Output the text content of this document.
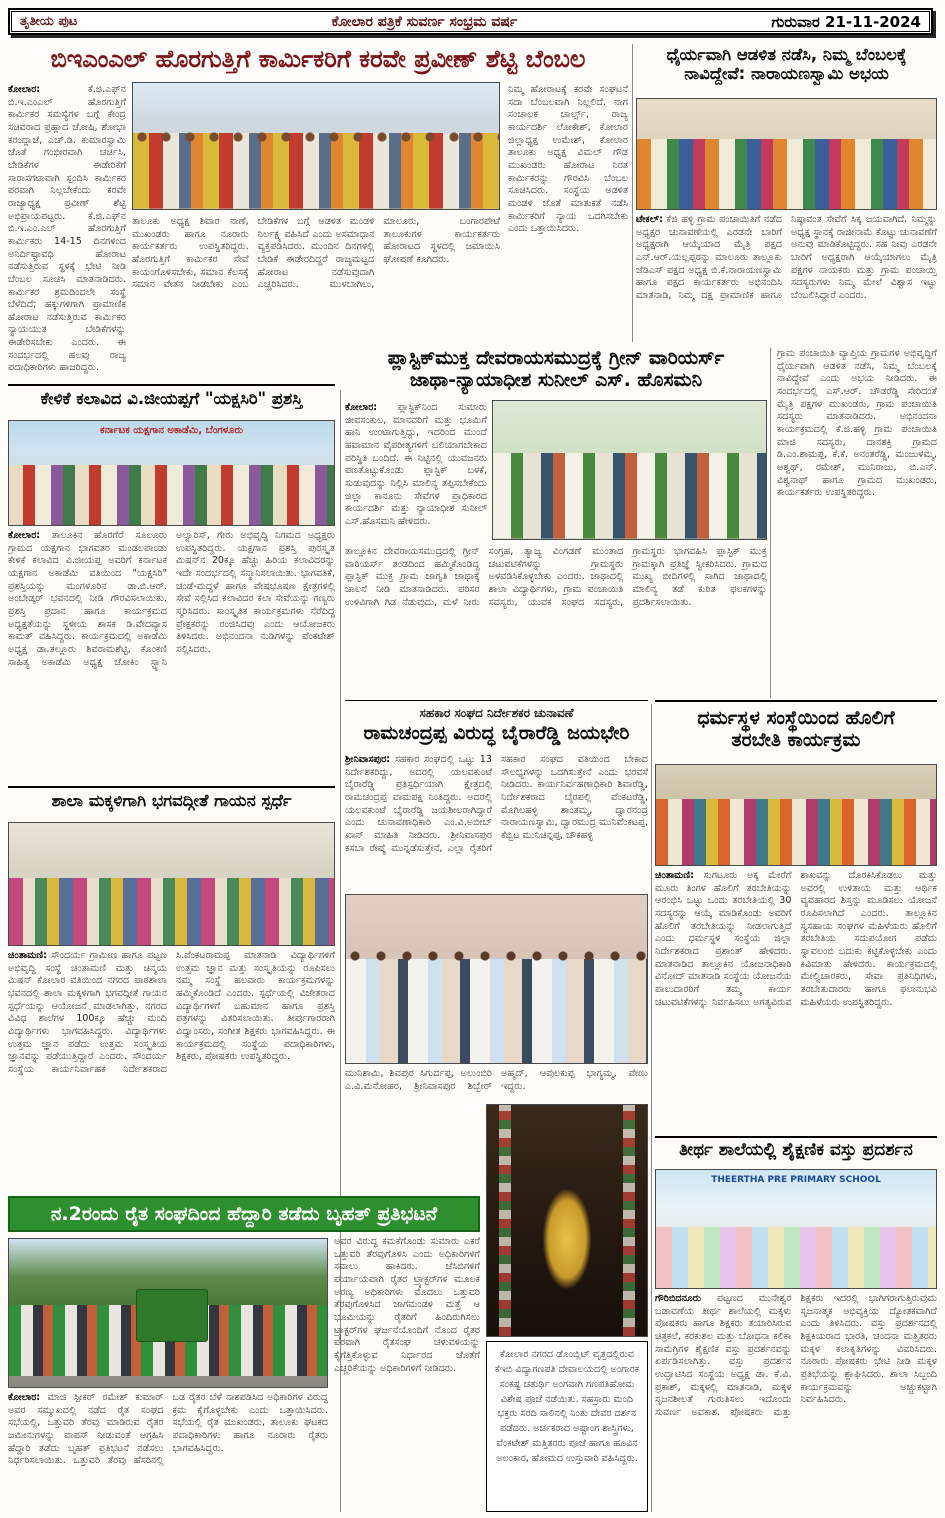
ತೃತೀಯ ಪುಟ	ಕೋಲಾರ ಪತ್ರಿಕೆ ಸುವರ್ಣ ಸಂಭ್ರಮ ವರ್ಷ	ಗುರುವಾರ 21-11-2024
ಬಿಇಎಂಎಲ್ ಹೊರಗುತ್ತಿಗೆ ಕಾರ್ಮಿಕರಿಗೆ ಕರವೇ ಪ್ರವೀಣ್ ಶೆಟ್ಟಿ ಬೆಂಬಲ
ಕೋಲಾರ:	ಕೆ.ಜಿ.ಎಫ್‌ನ ಬಿ.ಇ.ಎಂಎಲ್ ಹೊರಗುತ್ತಿಗೆ ಕಾರ್ಮಿಕರ ಸಮಸ್ಯೆಗಳ ಬಗ್ಗೆ ಕೇಂದ್ರ ಸಚಿವರಾದ ಪ್ರಹ್ಲಾದ ಜೋಷಿ, ಶೋಭಾ ಕರಂದ್ಲಾಜೆ, ಎಚ್.ಡಿ. ಕುಮಾರಸ್ವಾಮಿ ಜೊತೆ ಗಂಭೀರವಾಗಿ ಚರ್ಚಿಸಿ, ಬೇಡಿಕೆಗಳ ಈಡೇರಿಕೆಗೆ ಸಾರಾಸಗಟಾವಾಗಿ ಸ್ಪಂದಿಸಿ ಕಾರ್ಮಿಕರ ಪರವಾಗಿ ನಿಲ್ಲಬೇಕೆಂದು ಕರವೇ ರಾಜ್ಯಾಧ್ಯಕ್ಷ ಪ್ರವೀಣ್ ಶೆಟ್ಟಿ ಅಭಿಪ್ರಾಯಪಟ್ಟರು. ಕೆ.ಜಿ.ಎಫ್‌ನ ಬಿ.ಇ.ಎಂ.ಎಲ್ ಹೊರಗುತ್ತಿಗೆ ಕಾರ್ಮಿಕರು 14-15 ದಿನಗಳಿಂದ ಅನಿರ್ದಿಷ್ಟಾವಧಿ ಹೋರಾಟ ನಡೆಸುತ್ತಿರುವ ಸ್ಥಳಕ್ಕೆ ಭೇಟಿ ನೀಡಿ ಬೆಂಬಲ ಸೂಚಿಸಿ ಮಾತನಾಡಿದರು. ಕಾರ್ಮಿಕರ ಶ್ರಮದಿಂದಲೇ ಸಂಸ್ಥೆ ಬೆಳೆದಿದೆ; ಹಕ್ಕುಗಳಿಗಾಗಿ ಪ್ರಾಮಾಣಿಕ ಹೋರಾಟ ನಡೆಸುತ್ತಿರುವ ಕಾರ್ಮಿಕರ ನ್ಯಾಯಯುತ ಬೇಡಿಕೆಗಳನ್ನು ಈಡೇರಿಸಬೇಕು ಎಂದರು. ಈ ಸಂದರ್ಭದಲ್ಲಿ ಹಲವು ರಾಜ್ಯ ಪದಾಧಿಕಾರಿಗಳು ಹಾಜರಿದ್ದರು.
ನಿಮ್ಮ ಹೋರಾಟಕ್ಕೆ ಕರವೇ ಸಂಘಟನೆ ಸದಾ ಬೆಂಬಲವಾಗಿ ನಿಲ್ಲಲಿದೆ. ನಾಗ ಸಂಚಾಲಕ ಚಾರ್ಲ್ಸ್, ರಾಜ್ಯ ಕಾರ್ಯದರ್ಶಿ ಲೋಕೇಶ್, ಕೋಲಾರ ಜಿಲ್ಲಾಧ್ಯಕ್ಷ ಉಮೇಶ್, ಕೋಲಾರ ತಾಲೂಕು ಅಧ್ಯಕ್ಷ ವಿಮಲ್ ಗೌಡ ಮುಖಂಡರು ಹೋರಾಟ ನಿರತ ಕಾರ್ಮಿಕರನ್ನು ಗೌರವಿಸಿ ಬೆಂಬಲ ಸೂಚಿಸಿದರು. ಸಂಸ್ಥೆಯ ಆಡಳಿತ ಮಂಡಳಿ ಜೊತೆ ಮಾತುಕತೆ ನಡೆಸಿ ಕಾರ್ಮಿಕರಿಗೆ ನ್ಯಾಯ ಒದಗಿಸಬೇಕು ಎಂದು ಒತ್ತಾಯಿಸಿದರು.
ತಾಲೂಕು ಅಧ್ಯಕ್ಷ ಶಿವಾರ ನಾಣೆ, ಮುಖಂಡರು ಹಾಗೂ ನೂರಾರು ಕಾರ್ಯಕರ್ತರು ಉಪಸ್ಥಿತರಿದ್ದರು. ಹೊರಗುತ್ತಿಗೆ ಕಾರ್ಮಿಕರ ಸೇವೆ ಕಾಯಂಗೊಳಿಸಬೇಕು, ಸಮಾನ ಕೆಲಸಕ್ಕೆ ಸಮಾನ ವೇತನ ನೀಡಬೇಕು ಎಂಬ ಬೇಡಿಕೆಗಳ ಬಗ್ಗೆ ಆಡಳಿತ ಮಂಡಳಿ ನಿರ್ಲಕ್ಷ್ಯ ವಹಿಸಿದೆ ಎಂದು ಅಸಮಾಧಾನ ವ್ಯಕ್ತಪಡಿಸಿದರು. ಮುಂದಿನ ದಿನಗಳಲ್ಲಿ ಬೇಡಿಕೆ ಈಡೇರದಿದ್ದರೆ ರಾಜ್ಯಮಟ್ಟದ ಹೋರಾಟ ನಡೆಸುವುದಾಗಿ ಎಚ್ಚರಿಸಿದರು. ಮುಳಬಾಗಿಲು, ಮಾಲೂರು, ಬಂಗಾರಪೇಟೆ ತಾಲೂಕುಗಳ ಕಾರ್ಯಕರ್ತರು ಹೋರಾಟದ ಸ್ಥಳದಲ್ಲಿ ಜಮಾಯಿಸಿ ಘೋಷಣೆ ಕೂಗಿದರು.
ಧೈರ್ಯವಾಗಿ ಆಡಳಿತ ನಡೆಸಿ, ನಿಮ್ಮ ಬೆಂಬಲಕ್ಕೆ
ನಾವಿದ್ದೇವೆ: ನಾರಾಯಣಸ್ವಾಮಿ ಅಭಯ
ಟೇಕಲ್: ಕೆಜಿ ಹಳ್ಳಿ ಗ್ರಾಮ ಪಂಚಾಯಿತಿಗೆ ನಡೆದ ಅಧ್ಯಕ್ಷರ ಚುನಾವಣೆಯಲ್ಲಿ ಎರಡನೇ ಬಾರಿಗೆ ಅಧ್ಯಕ್ಷರಾಗಿ ಆಯ್ಕೆಯಾದ ಮೈತ್ರಿ ಪಕ್ಷದ ಎನ್.ಆರ್.ಯಲ್ಲಪ್ಪರನ್ನು ಮಾಲೂರು ತಾಲ್ಲೂಕು ಜೆಡಿಎಸ್ ಪಕ್ಷದ ಅಧ್ಯಕ್ಷ ಬಿ.ಕೆ.ನಾರಾಯಣಸ್ವಾಮಿ ಹಾಗೂ ಪಕ್ಷದ ಕಾರ್ಯಕರ್ತರು ಅಭಿನಂದಿಸಿ ಮಾತನಾಡಿ, ನಿಮ್ಮ ದಕ್ಷ ಪ್ರಾಮಾಣಿಕ ಹಾಗೂ ನಿಷ್ಠಾವಂತ ಸೇವೆಗೆ ಸಿಕ್ಕ ಜಯವಾಗಿದೆ. ನಿಮ್ಮನ್ನು ಅಧ್ಯಕ್ಷ ಸ್ಥಾನಕ್ಕೆ ರಾಜೀನಾಮೆ ಕೊಟ್ಟು ಚುನಾವಣೆಗೆ ಅನುವು ಮಾಡಿಕೊಟ್ಟಿದ್ದರು. ಸಹ ನೀವು ಎರಡನೇ ಬಾರಿಗೆ ಅಧ್ಯಕ್ಷರಾಗಿ ಆಯ್ಕೆಯಾಗಲು ಮೈತ್ರಿ ಪಕ್ಷಗಳ ನಾಯಕರು ಮತ್ತು ಗ್ರಾಮ ಪಂಚಾಯ್ತಿ ಸದಸ್ಯರುಗಳು ನಿಮ್ಮ ಮೇಲೆ ವಿಶ್ವಾಸ ಇಟ್ಟು ಬೆಂಬಲಿಸಿದ್ದಾರೆ ಎಂದರು.
ಗ್ರಾಮ ಪಂಚಾಯಿತಿ ವ್ಯಾಪ್ತಿಯ ಗ್ರಾಮಗಳ ಅಭಿವೃದ್ಧಿಗೆ ಧೈರ್ಯವಾಗಿ ಆಡಳಿತ ನಡೆಸಿ, ನಿಮ್ಮ ಬೆಂಬಲಕ್ಕೆ ನಾವಿದ್ದೇವೆ ಎಂದು ಅಭಯ ನೀಡಿದರು. ಈ ಸಂದರ್ಭದಲ್ಲಿ ಎಸ್.ಆರ್. ಚೌಡರೆಡ್ಡಿ ಸೇರಿದಂತೆ ಮೈತ್ರಿ ಪಕ್ಷಗಳ ಮುಖಂಡರು, ಗ್ರಾಮ ಪಂಚಾಯಿತಿ ಸದಸ್ಯರು ಮಾತನಾಡಿದರು. ಅಭಿನಂದನಾ ಕಾರ್ಯಕ್ರಮದಲ್ಲಿ ಕೆ.ಜಿ.ಹಳ್ಳಿ ಗ್ರಾಮ ಪಂಚಾಯಿತಿ ಮಾಜಿ ಸದಸ್ಯರು, ದಾನಶಕ್ತಿ ಗ್ರಾಮದ ಡಿ.ಎಂ.ಶಾಮಪ್ಪ, ಕೆ.ಕೆ. ಅನಂತರೆಡ್ಡಿ, ಮಂಜುಳಮ್ಮ, ಆಶ್ವಥ್, ರಮೇಶ್, ಮುನಿರಾಜು, ಬಿ.ಎನ್. ವಿಶ್ವನಾಥ್ ಹಾಗೂ ಗ್ರಾಮದ ಮುಖಂಡರು, ಕಾರ್ಯಕರ್ತರು ಉಪಸ್ಥಿತರಿದ್ದರು.
ಪ್ಲಾಸ್ಟಿಕ್‌ಮುಕ್ತ ದೇವರಾಯಸಮುದ್ರಕ್ಕೆ ಗ್ರೀನ್ ವಾರಿಯರ್ಸ್
ಜಾಥಾ-ನ್ಯಾಯಾಧೀಶ ಸುನೀಲ್ ಎಸ್. ಹೊಸಮನಿ
ಕೋಲಾರ: ಪ್ಲಾಸ್ಟಿಕ್‌ನಿಂದ ಸುಮಾರು ಜೀವಸಂಕುಲ, ಮಾನವರಿಗೆ ಮತ್ತು ಭೂಮಿಗೆ ಹಾನಿ ಉಂಟಾಗುತ್ತಿದ್ದು, ಇದರಿಂದ ಮುಂದೆ ಹವಾಮಾನ ವೈಪರೀತ್ಯಗಳಿಗೆ ಬಲಿಯಾಗಬೇಕಾದ ಪರಿಸ್ಥಿತಿ ಬಂದಿದೆ. ಈ ನಿಟ್ಟಿನಲ್ಲಿ ಯುವಜನರು ಪಣತೊಟ್ಟುಕೊಂಡು ಪ್ಲಾಸ್ಟಿಕ್ ಬಳಕೆ, ಸುಡುವುದನ್ನು ನಿಲ್ಲಿಸಿ ಮಾಲಿನ್ಯ ತಪ್ಪಿಸಬೇಕೆಂದು ಜಿಲ್ಲಾ ಕಾನೂನು ಸೇವೆಗಳ ಪ್ರಾಧಿಕಾರದ ಕಾರ್ಯದರ್ಶಿ ಮತ್ತು ನ್ಯಾಯಾಧೀಶ ಸುನೀಲ್ ಎಸ್.ಹೊಸಮನಿ ಹೇಳಿದರು.
ತಾಲ್ಲೂಕಿನ ದೇವರಾಯಸಮುದ್ರದಲ್ಲಿ ಗ್ರೀನ್ ವಾರಿಯರ್ಸ್ ತಂಡದಿಂದ ಹಮ್ಮಿಕೊಂಡಿದ್ದ ಪ್ಲಾಸ್ಟಿಕ್ ಮುಕ್ತ ಗ್ರಾಮ ಜಾಗೃತಿ ಜಾಥಾಕ್ಕೆ ಚಾಲನೆ ನೀಡಿ ಮಾತನಾಡಿದರು. ಪರಿಸರ ಉಳಿವಿಗಾಗಿ ಗಿಡ ನೆಡುವುದು, ಮಳೆ ನೀರು ಸಂಗ್ರಹ, ತ್ಯಾಜ್ಯ ವಿಂಗಡಣೆ ಮುಂತಾದ ಚಟುವಟಿಕೆಗಳನ್ನು ಗ್ರಾಮಸ್ಥರು ಅಳವಡಿಸಿಕೊಳ್ಳಬೇಕು ಎಂದರು. ಜಾಥಾದಲ್ಲಿ ಶಾಲಾ ವಿದ್ಯಾರ್ಥಿಗಳು, ಗ್ರಾಮ ಪಂಚಾಯಿತಿ ಸದಸ್ಯರು, ಯುವಕ ಸಂಘದ ಸದಸ್ಯರು, ಗ್ರಾಮಸ್ಥರು ಭಾಗವಹಿಸಿ ಪ್ಲಾಸ್ಟಿಕ್ ಮುಕ್ತ ಗ್ರಾಮಕ್ಕಾಗಿ ಪ್ರತಿಜ್ಞೆ ಸ್ವೀಕರಿಸಿದರು. ಗ್ರಾಮದ ಮುಖ್ಯ ಬೀದಿಗಳಲ್ಲಿ ಸಾಗಿದ ಜಾಥಾದಲ್ಲಿ ಮಾಲಿನ್ಯ ತಡೆ ಕುರಿತ ಫಲಕಗಳನ್ನು ಪ್ರದರ್ಶಿಸಲಾಯಿತು.
ಕೇಳಿಕೆ ಕಲಾವಿದ ವಿ.ಜೀಯಪ್ಪಗೆ "ಯಕ್ಷಸಿರಿ" ಪ್ರಶಸ್ತಿ
ಕರ್ನಾಟಕ ಯಕ್ಷಗಾನ ಅಕಾಡೆಮಿ, ಬೆಂಗಳೂರು
ಕೋಲಾರ: ತಾಲೂಕಿನ ಹೊರಗೆರೆ ಸೂಲೂರು ಗ್ರಾಮದ ಯಕ್ಷಗಾನ ಭಾಗವತರ ಮಂಡಲಪಾಂಡು ಕೇಳಿಕೆ ಕಲಾವಿದ ವಿ.ಜೀಯಪ್ಪ ಅವರಿಗೆ ಕರ್ನಾಟಕ ಯಕ್ಷಗಾನ ಅಕಾಡೆಮಿ ವತಿಯಿಂದ "ಯಕ್ಷಸಿರಿ" ಪ್ರಶಸ್ತಿಯನ್ನು ಮಂಗಳೂರಿನ ಡಾ.ಬಿ.ಆರ್. ಅಂಬೇಡ್ಕರ್ ಭವನದಲ್ಲಿ ನೀಡಿ ಗೌರವಿಸಲಾಯಿತು. ಪ್ರಶಸ್ತಿ ಪ್ರದಾನ ಹಾಗೂ ಕಾರ್ಯಕ್ರಮದ ಅಧ್ಯಕ್ಷತೆಯನ್ನು ಸ್ಥಳೀಯ ಶಾಸಕ ಡಿ.ವೇದವ್ಯಾಸ ಕಾಮತ್ ವಹಿಸಿದ್ದರು. ಕಾರ್ಯಕ್ರಮದಲ್ಲಿ ಅಕಾಡೆಮಿ ಅಧ್ಯಕ್ಷ ಡಾ.ತಲ್ಲೂರು ಶಿವರಾಮಶೆಟ್ಟಿ, ಕೊಂಕಣಿ ಸಾಹಿತ್ಯ ಅಕಾಡೆಮಿ ಅಧ್ಯಕ್ಷ ಜೋಕಿಂ ಸ್ಟ್ಯಾನಿ ಅಲ್ವಾರಿಸ್, ಗೇರು ಅಭಿವೃದ್ಧಿ ನಿಗಮದ ಅಧ್ಯಕ್ಷರು ಉಪಸ್ಥಿತರಿದ್ದರು. ಯಕ್ಷಗಾನ ಪ್ರಶಸ್ತಿ ಪುರಸ್ಕೃತ ಮಿಷನ್‌ನ 20ಕ್ಕೂ ಹೆಚ್ಚು ಹಿರಿಯ ಕಲಾವಿದರನ್ನು ಇದೇ ಸಂದರ್ಭದಲ್ಲಿ ಸನ್ಮಾನಿಸಲಾಯಿತು. ಭಾಗವತಿಕೆ, ಚಂಡೆ-ಮದ್ದಳೆ ಹಾಗೂ ವೇಷಭೂಷಣ ಕ್ಷೇತ್ರಗಳಲ್ಲಿ ಸೇವೆ ಸಲ್ಲಿಸಿದ ಕಲಾವಿದರ ಕಲಾ ಸೇವೆಯನ್ನು ಗಣ್ಯರು ಸ್ಮರಿಸಿದರು. ಸಾಂಸ್ಕೃತಿಕ ಕಾರ್ಯಕ್ರಮಗಳು ನೆರೆದಿದ್ದ ಪ್ರೇಕ್ಷಕರನ್ನು ರಂಜಿಸಿದವು ಎಂದು ಆಯೋಜಕರು ತಿಳಿಸಿದರು. ಅಭಿನಂದನಾ ನುಡಿಗಳನ್ನು ವೆಂಕಟೇಶ್ ಸಲ್ಲಿಸಿದರು.
ಶಾಲಾ ಮಕ್ಕಳಿಗಾಗಿ ಭಗವದ್ಗೀತೆ ಗಾಯನ ಸ್ಪರ್ಧೆ
ಚಿಂತಾಮಣಿ: ಸೌಂದರ್ಯ ಗ್ರಾಮೀಣ ಹಾಗೂ ಪಟ್ಟಣ ಅಭಿವೃದ್ಧಿ ಸಂಸ್ಥೆ ಚಿಂತಾಮಣಿ ಮತ್ತು ಚಿನ್ಮಯ ಮಿಷನ್ ಕೋಲಾರ ವತಿಯಿಂದ ನಗರದ ಪಾಠಶಾಲಾ ಭವನದಲ್ಲಿ ಶಾಲಾ ಮಕ್ಕಳಿಗಾಗಿ ಭಗವದ್ಗೀತೆ ಗಾಯನ ಸ್ಪರ್ಧೆಯನ್ನು ಆಯೋಜನೆ ಮಾಡಲಾಗಿತ್ತು. ನಗರದ ವಿವಿಧ ಶಾಲೆಗಳ 100ಕ್ಕೂ ಹೆಚ್ಚು ಮಂದಿ ವಿದ್ಯಾರ್ಥಿಗಳು ಭಾಗವಹಿಸಿದ್ದರು. ವಿದ್ಯಾರ್ಥಿಗಳು ಉತ್ತಮ ಜ್ಞಾನ ಪಡೆದು ಉತ್ತಮ ಸಂಸ್ಕೃತಿಯ ಜ್ಞಾನವನ್ನು ಪಡೆಯುತ್ತಿದ್ದಾರೆ ಎಂದರು. ಸೌಂದರ್ಯ ಸಂಸ್ಥೆಯ ಕಾರ್ಯನಿರ್ವಾಹಕ ನಿರ್ದೇಶಕರಾದ ಸಿ.ವೆಂಕಟರಾಮಪ್ಪ ಮಾತನಾಡಿ ವಿದ್ಯಾರ್ಥಿಗಳಿಗೆ ಉತ್ತಮ ಜ್ಞಾನ ಮತ್ತು ಸಂಸ್ಕೃತಿಯನ್ನು ರೂಪಿಸಲು ನಮ್ಮ ಸಂಸ್ಥೆ ಹಲವಾರು ಕಾರ್ಯಕ್ರಮಗಳನ್ನು ಹಮ್ಮಿಕೊಂಡಿದೆ ಎಂದರು. ಸ್ಪರ್ಧೆಯಲ್ಲಿ ವಿಜೇತರಾದ ವಿದ್ಯಾರ್ಥಿಗಳಿಗೆ ಬಹುಮಾನ ಹಾಗೂ ಪ್ರಶಸ್ತಿ ಪತ್ರಗಳನ್ನು ವಿತರಿಸಲಾಯಿತು. ತೀರ್ಪುಗಾರರಾಗಿ ವಿದ್ವಾಂಸರು, ಸಂಗೀತ ಶಿಕ್ಷಕರು ಭಾಗವಹಿಸಿದ್ದರು. ಈ ಕಾರ್ಯಕ್ರಮದಲ್ಲಿ ಸಂಸ್ಥೆಯ ಪದಾಧಿಕಾರಿಗಳು, ಶಿಕ್ಷಕರು, ಪೋಷಕರು ಉಪಸ್ಥಿತರಿದ್ದರು.
ಸಹಕಾರ ಸಂಘದ ನಿರ್ದೇಶಕರ ಚುನಾವಣೆ
ರಾಮಚಂದ್ರಪ್ಪ ವಿರುದ್ಧ ಬೈರಾರೆಡ್ಡಿ ಜಯಭೇರಿ
ಶ್ರೀನಿವಾಸಪುರ: ಸಹಕಾರ ಸಂಘದಲ್ಲಿ ಒಟ್ಟು 13 ನಿರ್ದೇಶಕರಿದ್ದು, ಅದರಲ್ಲಿ ಯಲವಕುಂಟೆ ಬೈರಾರೆಡ್ಡಿ ಪ್ರತಿಸ್ಪರ್ಧಿಯಾಗಿ ಕ್ಷೇತ್ರದಲ್ಲಿ ರಾಮಚಂದ್ರಪ್ಪ ವಾಮಪಕ್ಷ ನಿಂತಿದ್ದರು. ಅದರಲ್ಲಿ ಯಲವಕುಂಟೆ ಬೈರಾರೆಡ್ಡಿ ಜಯಶೀಲರಾಗಿದ್ದಾರೆ ಎಂದು ಚುನಾವಣಾಧಿಕಾರಿ ಎಂ.ವಿ.ಅಬೀಬ್ ಖಾನ್ ಮಾಹಿತಿ ನೀಡಿದರು. ಶ್ರೀನಿವಾಸಪುರ ಕಸಬಾ ರೇಷ್ಮೆ ಮುನ್ನಡೆಸುತ್ತೇನೆ, ಎಲ್ಲಾ ರೈತರಿಗೆ ಸಹಕಾರ ಸಂಘದ ವತಿಯಿಂದ ಬೇಕಾದ ಸೌಲಭ್ಯಗಳನ್ನು ಒದಗಿಸುತ್ತೇನೆ ಎಂದು ಭರವಸೆ ನೀಡಿದರು. ಕಾರ್ಯನಿರ್ವಹಣಾಧಿಕಾರಿ ಶಿವಾರೆಡ್ಡಿ, ನಿರ್ದೇಶಕರಾದ ಬೈರಪಲ್ಲಿ ವೆಂಕಟರೆಡ್ಡಿ, ಮೊಗಿಲಹಳ್ಳಿ ಶಾಂತಮ್ಮ, ದ್ವಾರನಂದ್ರ ನಾರಾಯಣಸ್ವಾಮಿ, ದ್ವಾರಮುದ್ರ ಮುನಿವೆಂಕಟಪ್ಪ, ಕೆಬ್ಬಿಟ ಮುನಿಚಿನ್ನಪ್ಪ, ಚೌಕಹಳ್ಳಿ
ಮುನಿಶಾಮಿ, ಶಿವಪುರ ಸಿಗುರ್ದಪ್ಪ, ಅಲುಂಬಿರಿ ಎ.ವಿ.ಮನೋಹರ, ಶ್ರೀನಿವಾಸಪುರ ಶಿಬ್ಬೇರ್ ಅಹ್ಮದ್, ಆವುಲಕುಪ್ಪ ಭಾಗ್ಯಮ್ಮ, ವೇಣು ಇದ್ದರು.
ಧರ್ಮಸ್ಥಳ ಸಂಸ್ಥೆಯಿಂದ ಹೊಲಿಗೆ
ತರಬೇತಿ ಕಾರ್ಯಕ್ರಮ
ಚಿಂತಾಮಣಿ: ಸುಗಟೂರು ಅಕ್ಕ ಮೇರೆಗೆ ಮೂರು ತಿಂಗಳ ಹೊಲಿಗೆ ತರಬೇತಿಯನ್ನು ಆರಂಭಿಸಿ ಒಟ್ಟು ಒಂದು ತರಬೇತಿಯಲ್ಲಿ 30 ಸದಸ್ಯರನ್ನು ಆಯ್ಕೆ ಮಾಡಿಕೊಂಡು ಅವರಿಗೆ ಹೊಲಿಗೆ ತರಬೇತಿಯನ್ನು ನೀಡಲಾಗುತ್ತಿದೆ ಎಂದು ಧರ್ಮಸ್ಥಳ ಸಂಸ್ಥೆಯ ಜಿಲ್ಲಾ ನಿರ್ದೇಶಕರಾದ ಪ್ರಶಾಂತ್ ಹೇಳಿದರು. ಮಾತನಾಡಿದ ತಾಲ್ಲೂಕಿನ ಯೋಜನಾಧಿಕಾರಿ ವಿನೋದ್ ಮಾತನಾಡಿ ಸಂಸ್ಥೆಯ ಯೋಜನೆಯ ಪಾಲುದಾರರಿಗೆ ತಮ್ಮ ಕಾರ್ಯ ಚಟುವಟಿಕೆಗಳನ್ನು ನಿರ್ವಹಿಸಲು ಅಗತ್ಯವಿರುವ ಶಾಖವನ್ನು ದೊರಕಿಸಿಕೊಡಲು ಮತ್ತು ಅವರಲ್ಲಿ ಉಳಿತಾಯ ಮತ್ತು ಆರ್ಥಿಕ ವ್ಯವಹಾರದ ಶಿಸ್ತನ್ನು ಮೂಡಿಸಲು ಯೋಜನೆ ರೂಪಿಸಲಾಗಿದೆ ಎಂದರು. ತಾಲ್ಲೂಕಿನ ಸ್ವಸಹಾಯ ಸಂಘಗಳ ಮಹಿಳೆಯರು ಹೊಲಿಗೆ ತರಬೇತಿಯ ಸದುಪಯೋಗ ಪಡೆದು ಸ್ವಾವಲಂಬಿ ಬದುಕು ಕಟ್ಟಿಕೊಳ್ಳಬೇಕು ಎಂದು ಕಿವಿಮಾತು ಹೇಳಿದರು. ಕಾರ್ಯಕ್ರಮದಲ್ಲಿ ಮೇಲ್ವಿಚಾರಕರು, ಸೇವಾ ಪ್ರತಿನಿಧಿಗಳು, ತರಬೇತುದಾರರು ಹಾಗೂ ಫಲಾನುಭವಿ ಮಹಿಳೆಯರು ಉಪಸ್ಥಿತರಿದ್ದರು.
ತೀರ್ಥ ಶಾಲೆಯಲ್ಲಿ ಶೈಕ್ಷಣಿಕ ವಸ್ತು ಪ್ರದರ್ಶನ
THEERTHA PRE PRIMARY SCHOOL
ಗೌರಿಬಿದನೂರು ಪಟ್ಟಣದ ಮುನೇಶ್ವರ ಬಡಾವಣೆಯ ತೀರ್ಥ ಶಾಲೆಯಲ್ಲಿ ಮಕ್ಕಳು ಪೋಷಕರು ಹಾಗೂ ಶಿಕ್ಷಕರು ತಯಾರಿಸಿರುವ ಚಿತ್ರಕಲೆ, ಕರಕುಶಲ ಮತ್ತು ಬೋಧನಾ ಕಲಿಕಾ ಸಾಮಗ್ರಿಗಳ ಶೈಕ್ಷಣಿಕ ವಸ್ತು ಪ್ರದರ್ಶನವನ್ನು ಏರ್ಪಡಿಸಲಾಗಿತ್ತು. ವಸ್ತು ಪ್ರದರ್ಶನ ಉದ್ಘಾಟಿಸಿದ ಸಂಸ್ಥೆಯ ಅಧ್ಯಕ್ಷ ಡಾ. ಕೆ.ವಿ. ಪ್ರಕಾಶ್, ಮಕ್ಕಳಲ್ಲಿ ಮಾತನಾಡಿ, ಮಕ್ಕಳ ಸೃಜನಶೀಲತೆ ಗುರುತಿಸಲು ಇದೊಂದು ಸುವರ್ಣ ಅವಕಾಶ. ಪೋಷಕರು ಮತ್ತು ಶಿಕ್ಷಕರು ಇದರಲ್ಲಿ ಭಾಗಿಗರಾಗುತ್ತಿರುವುದು ಸೃಜನಾತ್ಮಕ ಅಭಿವ್ಯಕ್ತಿಯ ದ್ಯೋತಕವಾಗಿದೆ ಎಂದು ತಿಳಿಸಿದರು. ವಸ್ತು ಪ್ರದರ್ಶನದಲ್ಲಿ ಶಿಕ್ಷಕಿಯರಾದ ಭಾರತಿ, ಚಂದನಾ ಮತ್ತಿತರರು ಮಕ್ಕಳ ಕಲಾಕೃತಿಗಳನ್ನು ವಿವರಿಸಿದರು. ನೂರಾರು ಪೋಷಕರು ಭೇಟಿ ನೀಡಿ ಮಕ್ಕಳ ಪ್ರತಿಭೆಯನ್ನು ಶ್ಲಾಘಿಸಿದರು. ಶಾಲಾ ಸಿಬ್ಬಂದಿ ಕಾರ್ಯಕ್ರಮವನ್ನು ಅಚ್ಚುಕಟ್ಟಾಗಿ ನಿರ್ವಹಿಸಿದರು.
ನ.2ರಂದು ರೈತ ಸಂಘದಿಂದ ಹೆದ್ದಾರಿ ತಡೆದು ಬೃಹತ್ ಪ್ರತಿಭಟನೆ
ಅವರ ವಿರುದ್ಧ ಕಮಕೆಗೊಂಡು ಸುಮಾರು ಎಕರೆ ಒತ್ತುವರಿ ತೆರವುಗೊಳಿಸಿ ಎಂದು ಅಧಿಕಾರಿಗಳಿಗೆ ಸವಾಲು ಹಾಕಿದರು. ಜೆಸಿಬಿಗಳಿಗೆ ಪರ್ಯಾಯವಾಗಿ ರೈತರ ಟ್ರ್ಯಾಕ್ಟರ್‌ಗಳ ಮೂಲಕ ಅರಣ್ಯ ಅಧಿಕಾರಿಗಳು ಮೊದಲು ಒತ್ತುವರಿ ತೆರವುಗೊಳಿಸಿದ ಜಾಗಮಂಡಳಿ ಮತ್ತೆ ಆ ಭೂಮಿಯನ್ನು ರೈತರಿಗೆ ಹಿಂದಿರುಗಿಸಲು ಟ್ರ್ಯಾಕ್ಟರ್‌ಗಳ ಘರ್ಜನೆಯೊಂದಿಗೆ ನೊಂದ ರೈತರ ಪರವಾಗಿ ರೈತಸಂಘ ಚಳುವಳಿಯನ್ನು ಕೈಗೆತ್ತಿಕೊಳ್ಳುವ ನಿರ್ಧಾರದ ಜೊತೆಗೆ ಎಚ್ಚರಿಕೆಯನ್ನು ಅಧಿಕಾರಿಗಳಿಗೆ ನೀಡಿದರು.
ಕೋಲಾರ: ಮಾಜಿ ಸ್ಪೀಕರ್ ರಮೇಶ್ ಕುಮಾರ್ ಅವರ ಸಮ್ಮುಖದಲ್ಲಿ ನಡೆದ ರೈತ ಸಂಘದ ಸಭೆಯಲ್ಲಿ, ಒತ್ತುವರಿ ತೆರವು ಮಾಡಿರುವ ರೈತರ ಜಮೀನುಗಳನ್ನು ವಾಪಸ್ ನೀಡುವಂತೆ ಆಗ್ರಹಿಸಿ ಹೆದ್ದಾರಿ ತಡೆದು ಬೃಹತ್ ಪ್ರತಿಭಟನೆ ನಡೆಸಲು ನಿರ್ಧರಿಸಲಾಯಿತು. ಒತ್ತುವರಿ ತೆರವು ಹೆಸರಿನಲ್ಲಿ ಬಡ ರೈತರ ಬೆಳೆ ನಾಶಪಡಿಸಿದ ಅಧಿಕಾರಿಗಳ ವಿರುದ್ಧ ಕ್ರಮ ಕೈಗೊಳ್ಳಬೇಕು ಎಂದು ಒತ್ತಾಯಿಸಿದರು. ಸಭೆಯಲ್ಲಿ ರೈತ ಮುಖಂಡರು, ತಾಲೂಕು ಘಟಕದ ಪದಾಧಿಕಾರಿಗಳು ಹಾಗೂ ನೂರಾರು ರೈತರು ಭಾಗವಹಿಸಿದ್ದರು.
ಕೋಲಾರ ನಗರದ ಡೊಂಬ್ಲಿಟ್ ವೃತ್ತದಲ್ಲಿರುವ ಕೆಇಬಿ ವಿದ್ಯಾಗಣಪತಿ ದೇವಾಲಯದಲ್ಲಿ ಅಂಗಾರಕ ಸಂಕಷ್ಟ ಚತುರ್ಥಿ ಅಂಗವಾಗಿ ಗಣಪತಿಹೋಮ ವಿಶೇಷ ಪೂಜೆ ನಡೆಯಿತು. ಸಹಸ್ರಾರು ಮಂದಿ ಭಕ್ತರು ಸರದಿ ಸಾಲಿನಲ್ಲಿ ನಿಂತು ದೇವರ ದರ್ಶನ ಪಡೆದರು. ಅರ್ಚಕರಾದ ಅಷ್ಟಾಂಗ ಶಾಸ್ತ್ರಿಗಳು, ವೆಂಕಟೇಶ್ ಮತ್ತಿತರರು ಪೂಜೆ ಹಾಗೂ ಹೂವಿನ ಅಲಂಕಾರ, ಹೋಮದ ಉಸ್ತುವಾರಿ ವಹಿಸಿದ್ದರು.
